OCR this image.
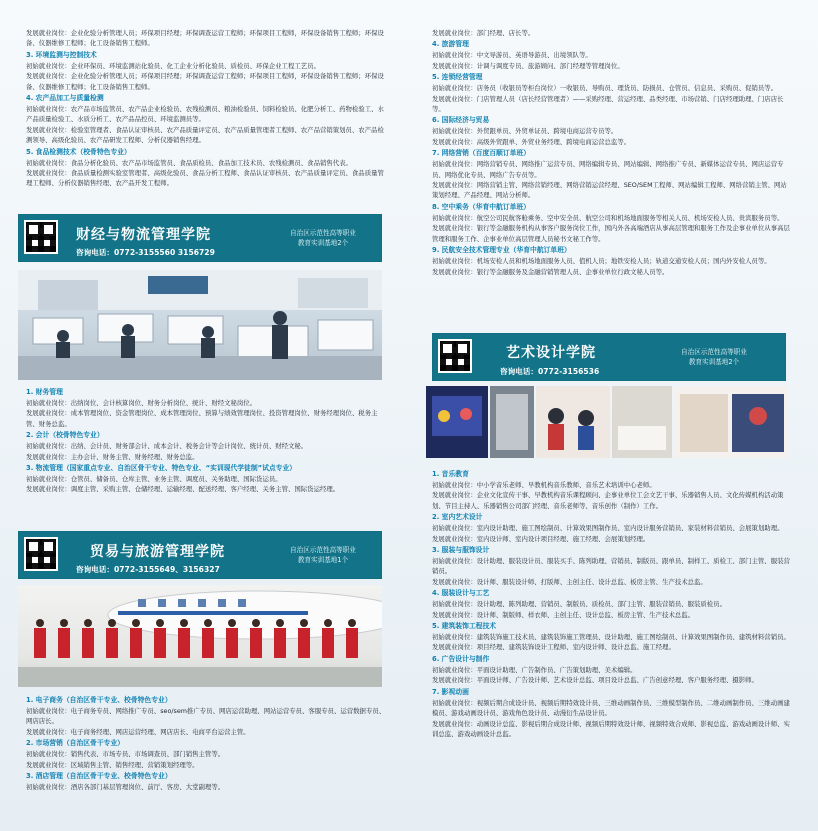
发展就业岗位：企业化验分析管理人员；环保项目经理；环保调查运营工程师；环保项目工程师，环保设备销售工程师；环保设备、仪器维修工程师；化工设备销售工程师。
3. 环境监测与控制技术
初始就业岗位：企业环保员、环境监测站化验员、化工企业分析化验员、质检员、环保企业工程工艺员。
发展就业岗位：企业化验分析管理人员；环保项目经理；环保调查运营工程师；环保项目工程师，环保设备销售工程师；环保设备、仪器维修工程师；化工设备销售工程师。
4. 农产品加工与质量检测
初始就业岗位：农产品市场监管员、农产品企业检验员、农残检测员、粮油检验员、饲料检验员、化肥分析工、药物检验工、水产品质量检验工、水质分析工、农产品品控员、环境监测员等。
发展就业岗位：检验室管理者、食品认证审核员、农产品质量评定员、农产品质量管理者工程师、农产品营销策划员、农产品检测领导、高级化验员、农产品研发工程师、分析仪器销售经理。
5. 食品检测技术（校骨特色专业）
初始就业岗位：食品分析化验员、农产品市场监管员、食品质检员、食品加工技术员、农残检测员、食品销售代表。
发展就业岗位：食品质量检测实验室管理者、高级化验员、食品分析工程师、食品认证审核员、农产品质量评定员、食品质量管理工程师、分析仪器销售经理、农产品开发工程师。
财经与物流管理学院
咨询电话：0772-3155560 3156729
自治区示范性高等职业
教育实训基地2个
1. 财务管理
初始就业岗位：出纳岗位、会计核算岗位、财务分析岗位、统计、财经文秘岗位。
发展就业岗位：成本管理岗位、资金管理岗位、成本管理岗位、预算与绩效管理岗位、投资管理岗位、财务经理岗位、税务主管、财务总监。
2. 会计（校骨特色专业）
初始就业岗位：出纳、会计员、财务部会计、成本会计、税务会计等会计岗位、统计员、财经文秘。
发展就业岗位：主办会计、财务主管、财务经理、财务总监。
3. 物流管理（国家重点专业、自治区骨干专业、特色专业、“实训现代学徒制”试点专业）
初始就业岗位：仓管员、储备员、仓库主管、业务主管、调度员、关务助理、国际货运员。
发展就业岗位：调度主管、采购主管、仓储经理、运输经理、配送经理、客户经理、关务主管、国际货运经理。
贸易与旅游管理学院
咨询电话：0772-3155649、3156327
自治区示范性高等职业
教育实训基地1个
1. 电子商务（自治区骨干专业、校骨特色专业）
初始就业岗位：电子商务专员、网络推广专员、seo/sem推广专员、网店运营助理、网站运营专员、客服专员、运营数据专员、网店店长。
发展就业岗位：电子商务经理、网店运营经理、网店店长、电商平台运营主管。
2. 市场营销（自治区骨干专业）
初始就业岗位：销售代表、市场专员、市场调查员、部门销售主管等。
发展就业岗位：区域销售主管、销售经理、营销策划经理等。
3. 酒店管理（自治区骨干专业、校骨特色专业）
初始就业岗位：酒店各部门基层管理岗位、前厅、客房、大堂副理等。
发展就业岗位：部门经理、店长等。
4. 旅游管理
初始就业岗位：中文导游员、英语导游员、出境领队等。
发展就业岗位：计调与调度专员、旅游顾问、部门经理等管理岗位。
5. 连锁经营管理
初始就业岗位：店务员（收银员等柜台岗位）一收银员、导购员、理货员、防损员、仓管员、信息员、采购员、促销员等。
发展就业岗位：门店管理人员（店长经营管理者）——采购经理、营运经理、品类经理、市场营销、门店经理助理、门店店长等。
6. 国际经济与贸易
初始就业岗位：外贸跟单员、外贸单证员、跨境电商运营专员等。
发展就业岗位：高级外贸跟单、外贸业务经理、跨境电商运营总监等。
7. 网络营销（百度百顺订单班）
初始就业岗位：网络营销专员、网络推广运营专员、网络编辑专员、网站编辑、网络推广专员、新媒体运营专员、网店运营专员、网络优化专员、网络广告专员等。
发展就业岗位：网络营销主管、网络营销经理、网络营销运营经理、SEO/SEM工程师、网站编辑工程师、网络营销主管、网站策划经理、产品经理、网站分析师。
8. 空中乘务（华育中航订单班）
初始就业岗位：航空公司民航客舱乘务、空中安全员、航空公司和机场地面服务等相关人员、机场安检人员、贵宾服务员等。
发展就业岗位：银行等金融服务机构从事客户服务岗位工作，国内外各高端酒店从事高层管理和服务工作及企事业单位从事高层管理和服务工作、企事业单位高层管理人员秘书文秘工作等。
9. 民航安全技术管理专业（华育中航订单班）
初始就业岗位：机场安检人员和机场地面服务人员、值机人员；地铁安检人员；轨道交通安检人员；国内外安检人员等。
发展就业岗位：银行等金融服务及金融营销管理人员、企事业单位行政文秘人员等。
艺术设计学院
咨询电话：0772-3156536
自治区示范性高等职业
教育实训基地2个
1. 音乐教育
初始就业岗位：中小学音乐老师、早教机构音乐教师、音乐艺术培训中心老师。
发展就业岗位：企业文化宣传干事、早教机构音乐课程顾问、企事业单位工会文艺干事、乐器销售人员、文化传媒机构活动策划、节目主持人、乐器销售公司部门经理、音乐老师等、音乐创作（制作）工作。
2. 室内艺术设计
初始就业岗位：室内设计助理、施工图绘制员、计算效果图制作员、室内设计服务营销员、家装材料营销员、会展策划助理。
发展就业岗位：室内设计师、室内设计项目经理、施工经理、会展策划经理。
3. 服装与服饰设计
初始就业岗位：设计助理、服装设计员、服装买手、陈列助理、营销员、制版员、跟单员、制样工、质检工、部门主管、服装营销员。
发展就业岗位：设计师、服装设计师、打版师、主创主任、设计总监、板房主管、生产技术总监。
4. 服装设计与工艺
初始就业岗位：设计助理、陈列助理、营销员、制版员、质检员、部门主管、服装营销员、服装质检员。
发展就业岗位：设计师、制版师、样衣师、主创主任、设计总监、板房主管、生产技术总监。
5. 建筑装饰工程技术
初始就业岗位：建筑装饰施工技术员、建筑装饰施工管理员、设计助理、施工图绘制员、计算效果图制作员、建筑材料营销员。
发展就业岗位：项目经理、建筑装饰设计工程师、室内设计师、设计总监、施工经理。
6. 广告设计与制作
初始就业岗位：平面设计助理、广告制作员、广告策划助理、美术编辑。
发展就业岗位：平面设计师、广告设计师、艺术设计总监、项目设计总监、广告创意经理、客户服务经理、摄影师。
7. 影视动画
初始就业岗位：视频后期合成设计员、视频后期特效设计员、三维动画制作员、三维模型制作员、二维动画制作员、三维动画建模员、游戏动画设计员、游戏角色设计员、动漫衍生品设计员。
发展就业岗位：动画设计总监、影视后期合成设计师、视频后期特效设计师、视频特效合成师、影视总监、游戏动画设计师、实训总监、游戏动画设计总监。
